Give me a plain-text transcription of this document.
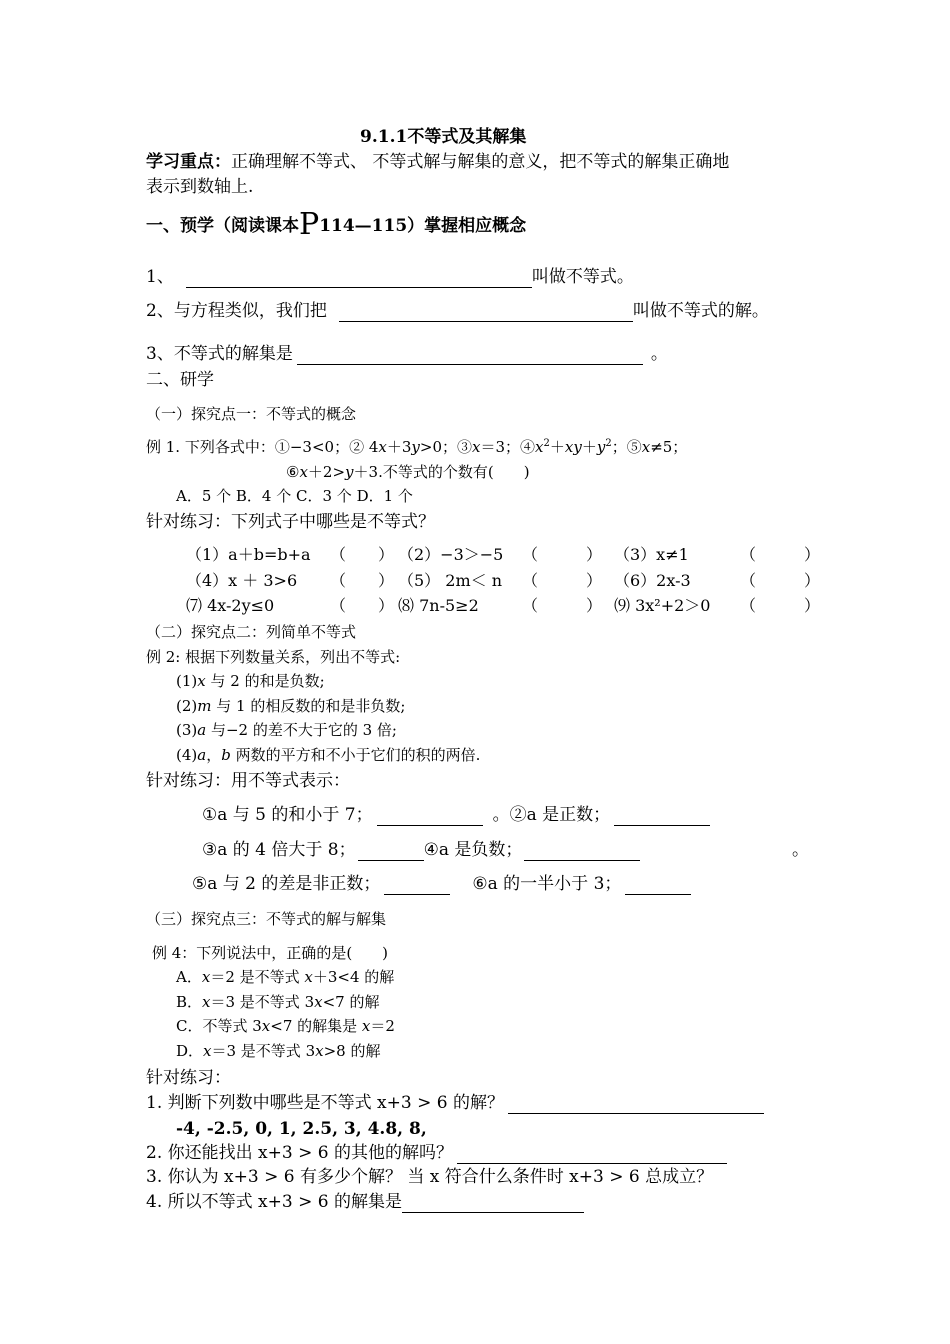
9.1.1不等式及其解集
学习重点：正确理解不等式、 不等式解与解集的意义，把不等式的解集正确地
表示到数轴上.
一、预学（阅读课本P114—115）掌握相应概念
1、	叫做不等式。
2、与方程类似，我们把	叫做不等式的解。
3、不等式的解集是	。
二、研学
（一）探究点一：不等式的概念
例 1. 下列各式中：①−3<0；② 4x＋3y>0；③x＝3；$④x^2+xy+y^2$；⑤x≠5；
⑥x＋2>y＋3.不等式的个数有(　　)
A．5 个 B．4 个 C．3 个 D．1 个
针对练习：下列式子中哪些是不等式？
（1）a＋b=b+a （　　） （2）−3＞−5 （　　　） （3）x≠1	（　　　）
（4）x ＋ 3>6 （　　） （5） 2m＜ n （　　　） （6）2x-3	（　　　）
⑺ 4x-2y≤0	（　　） ⑻ 7n-5≥2	（　　　） ⑼ 3x²+2＞0 （　　　）
（二）探究点二：列简单不等式
例 2: 根据下列数量关系，列出不等式:
(1)x 与 2 的和是负数;
(2)m 与 1 的相反数的和是非负数;
(3)a 与−2 的差不大于它的 3 倍;
(4)a，b 两数的平方和不小于它们的积的两倍.
针对练习：用不等式表示：
①a 与 5 的和小于 7；	。②a 是正数；
③a 的 4 倍大于 8；	④a 是负数；	。
⑤a 与 2 的差是非正数；	⑥a 的一半小于 3；
（三）探究点三：不等式的解与解集
例 4：下列说法中，正确的是(　　)
A．x＝2 是不等式 x＋3<4 的解
B．x＝3 是不等式 3x<7 的解
C．不等式 3x<7 的解集是 x＝2
D．x＝3 是不等式 3x>8 的解
针对练习：
1. 判断下列数中哪些是不等式 x+3 > 6 的解？
-4, -2.5, 0, 1, 2.5, 3, 4.8, 8,
2. 你还能找出 x+3 > 6 的其他的解吗？
3. 你认为 x+3 > 6 有多少个解？ 当 x 符合什么条件时 x+3 > 6 总成立？
4. 所以不等式 x+3 > 6 的解集是
